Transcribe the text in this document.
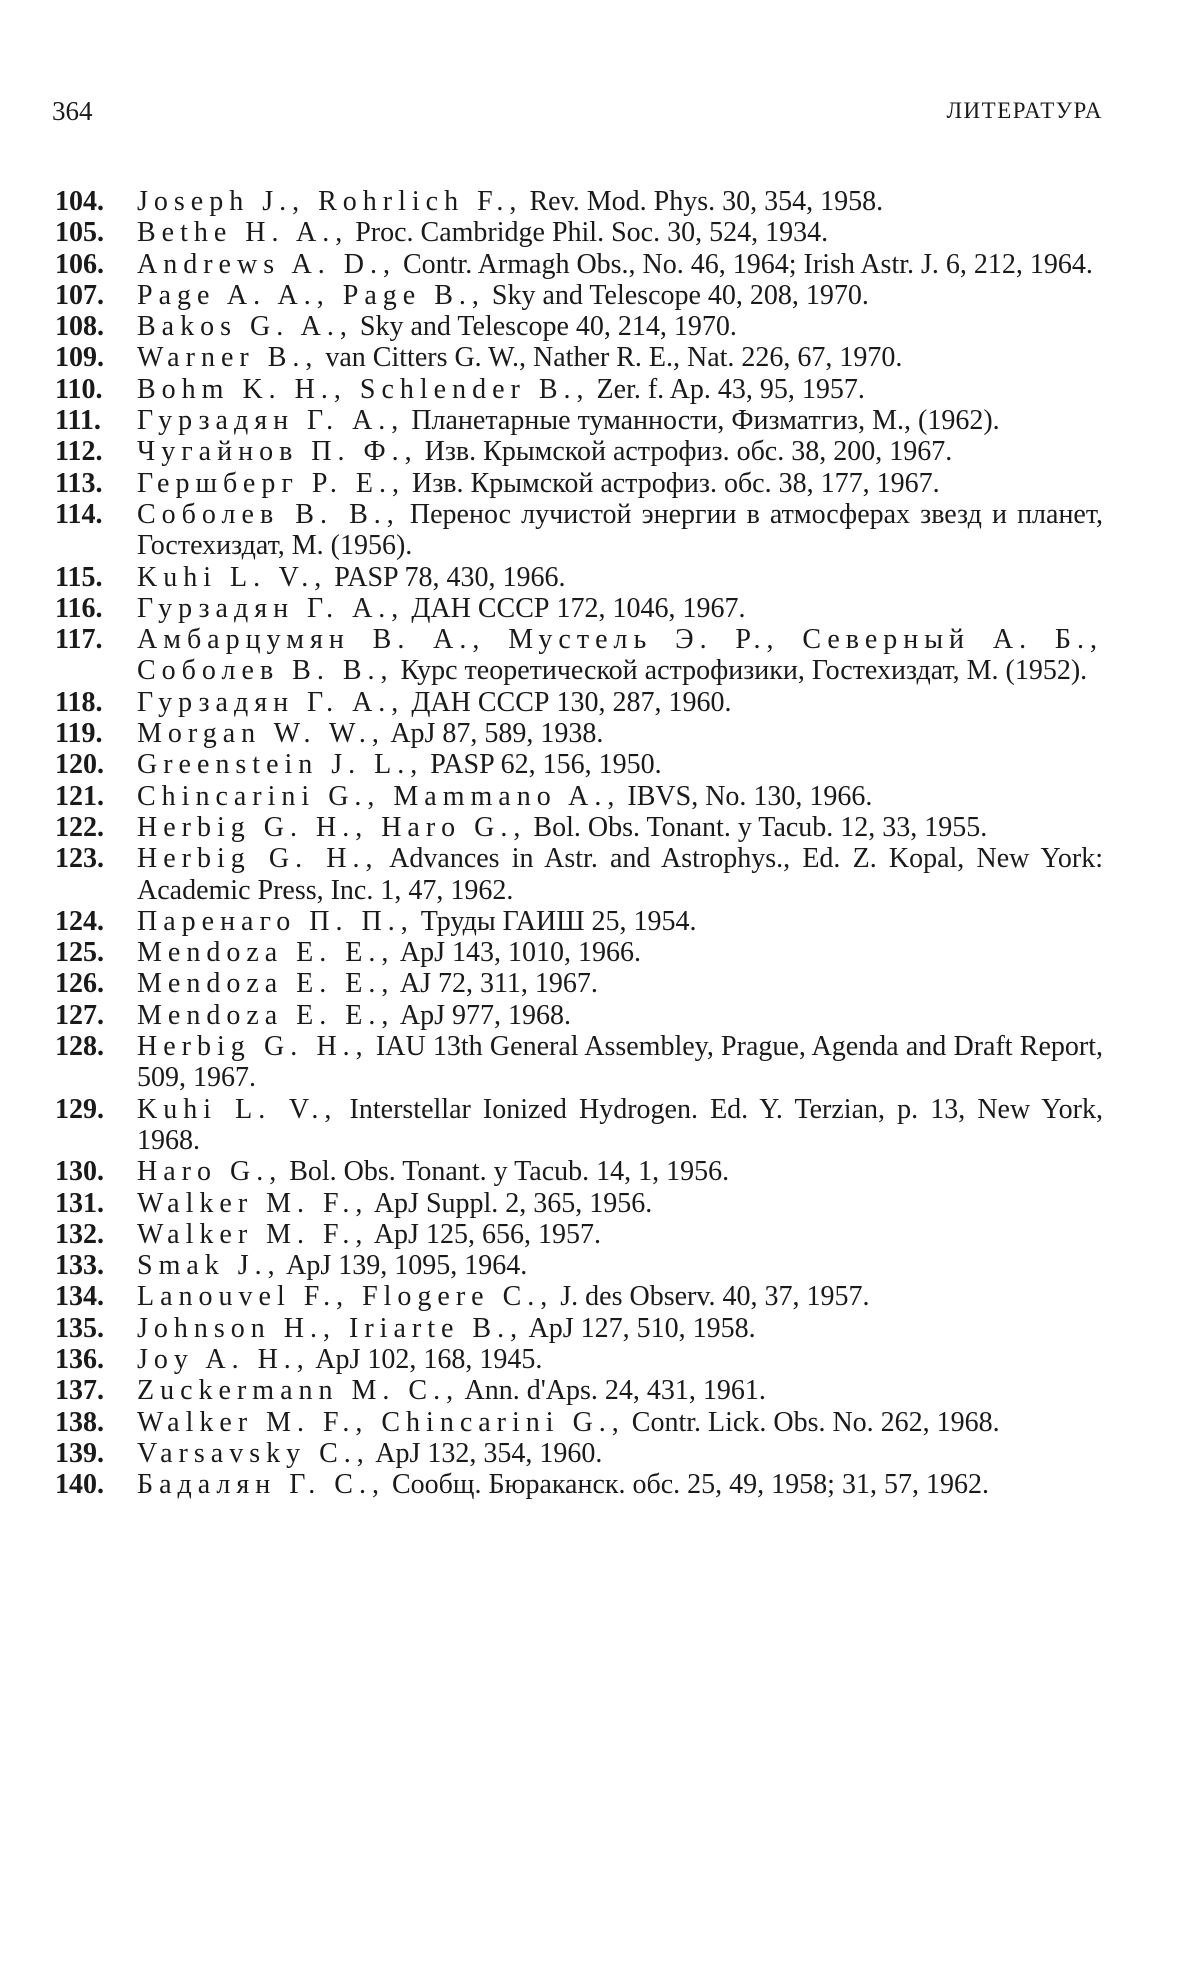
364	ЛИТЕРАТУРА
104.	Joseph J., Rohrlich F., Rev. Mod. Phys. 30, 354, 1958.
105.	Bethe H. A., Proc. Cambridge Phil. Soc. 30, 524, 1934.
106.	Andrews A. D., Contr. Armagh Obs., No. 46, 1964; Irish Astr. J. 6, 212, 1964.
107.	Page A. A., Page B., Sky and Telescope 40, 208, 1970.
108.	Bakos G. A., Sky and Telescope 40, 214, 1970.
109.	Warner B., van Citters G. W., Nather R. E., Nat. 226, 67, 1970.
110.	Bohm K. H., Schlender B., Zer. f. Ap. 43, 95, 1957.
111.	Гурзадян Г. А., Планетарные туманности, Физматгиз, М., (1962).
112.	Чугайнов П. Ф., Изв. Крымской астрофиз. обс. 38, 200, 1967.
113.	Гершберг Р. Е., Изв. Крымской астрофиз. обс. 38, 177, 1967.
114.	Соболев В. В., Перенос лучистой энергии в атмосферах звезд и планет, Гостехиздат, М. (1956).
115.	Kuhi L. V., PASP 78, 430, 1966.
116.	Гурзадян Г. А., ДАН СССР 172, 1046, 1967.
117.	Амбарцумян В. А., Мустель Э. Р., Северный А. Б., Соболев В. В., Курс теоретической астрофизики, Гостехиздат, М. (1952).
118.	Гурзадян Г. А., ДАН СССР 130, 287, 1960.
119.	Morgan W. W., ApJ 87, 589, 1938.
120.	Greenstein J. L., PASP 62, 156, 1950.
121.	Chincarini G., Mammano A., IBVS, No. 130, 1966.
122.	Herbig G. H., Haro G., Bol. Obs. Tonant. y Tacub. 12, 33, 1955.
123.	Herbig G. H., Advances in Astr. and Astrophys., Ed. Z. Kopal, New York: Academic Press, Inc. 1, 47, 1962.
124.	Паренаго П. П., Труды ГАИШ 25, 1954.
125.	Mendoza E. E., ApJ 143, 1010, 1966.
126.	Mendoza E. E., AJ 72, 311, 1967.
127.	Mendoza E. E., ApJ 977, 1968.
128.	Herbig G. H., IAU 13th General Assembley, Prague, Agenda and Draft Report, 509, 1967.
129.	Kuhi L. V., Interstellar Ionized Hydrogen. Ed. Y. Terzian, p. 13, New York, 1968.
130.	Haro G., Bol. Obs. Tonant. y Tacub. 14, 1, 1956.
131.	Walker M. F., ApJ Suppl. 2, 365, 1956.
132.	Walker M. F., ApJ 125, 656, 1957.
133.	Smak J., ApJ 139, 1095, 1964.
134.	Lanouvel F., Flogere C., J. des Observ. 40, 37, 1957.
135.	Johnson H., Iriarte B., ApJ 127, 510, 1958.
136.	Joy A. H., ApJ 102, 168, 1945.
137.	Zuckermann M. C., Ann. d'Aps. 24, 431, 1961.
138.	Walker M. F., Chincarini G., Contr. Lick. Obs. No. 262, 1968.
139.	Varsavsky C., ApJ 132, 354, 1960.
140.	Бадалян Г. С., Сообщ. Бюраканск. обс. 25, 49, 1958; 31, 57, 1962.
